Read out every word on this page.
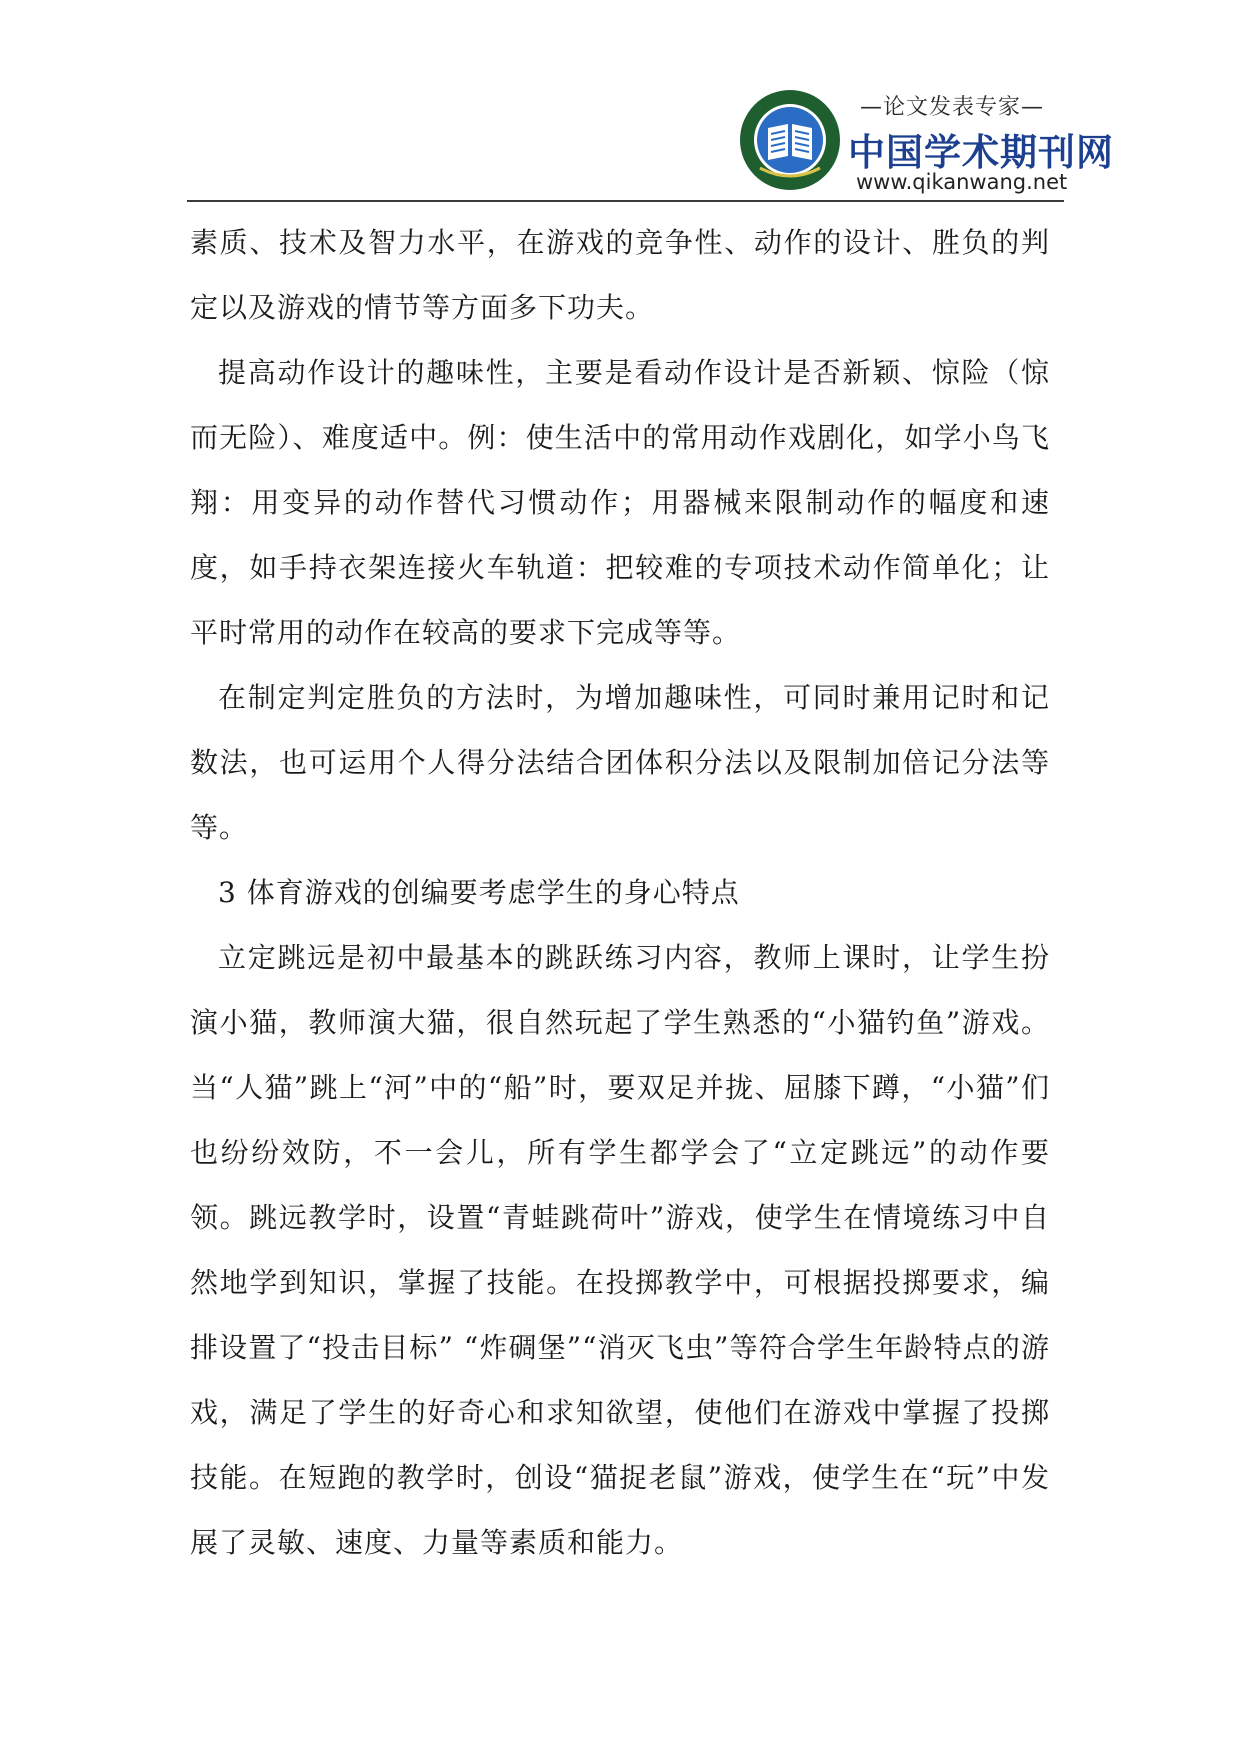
—论文发表专家—
中国学术期刊网
www.qikanwang.net

素质、技术及智力水平，在游戏的竞争性、动作的设计、胜负的判定以及游戏的情节等方面多下功夫。

提高动作设计的趣味性，主要是看动作设计是否新颖、惊险（惊而无险）、难度适中。例：使生活中的常用动作戏剧化，如学小鸟飞翔：用变异的动作替代习惯动作；用器械来限制动作的幅度和速度，如手持衣架连接火车轨道：把较难的专项技术动作简单化；让平时常用的动作在较高的要求下完成等等。

在制定判定胜负的方法时，为增加趣味性，可同时兼用记时和记数法，也可运用个人得分法结合团体积分法以及限制加倍记分法等等。

3 体育游戏的创编要考虑学生的身心特点

立定跳远是初中最基本的跳跃练习内容，教师上课时，让学生扮演小猫，教师演大猫，很自然玩起了学生熟悉的“小猫钓鱼”游戏。当“人猫”跳上“河”中的“船”时，要双足并拢、屈膝下蹲，“小猫”们也纷纷效防，不一会儿，所有学生都学会了“立定跳远”的动作要领。跳远教学时，设置“青蛙跳荷叶”游戏，使学生在情境练习中自然地学到知识，掌握了技能。在投掷教学中，可根据投掷要求，编排设置了“投击目标” “炸碉堡”“消灭飞虫”等符合学生年龄特点的游戏，满足了学生的好奇心和求知欲望，使他们在游戏中掌握了投掷技能。在短跑的教学时，创设“猫捉老鼠”游戏，使学生在“玩”中发展了灵敏、速度、力量等素质和能力。
